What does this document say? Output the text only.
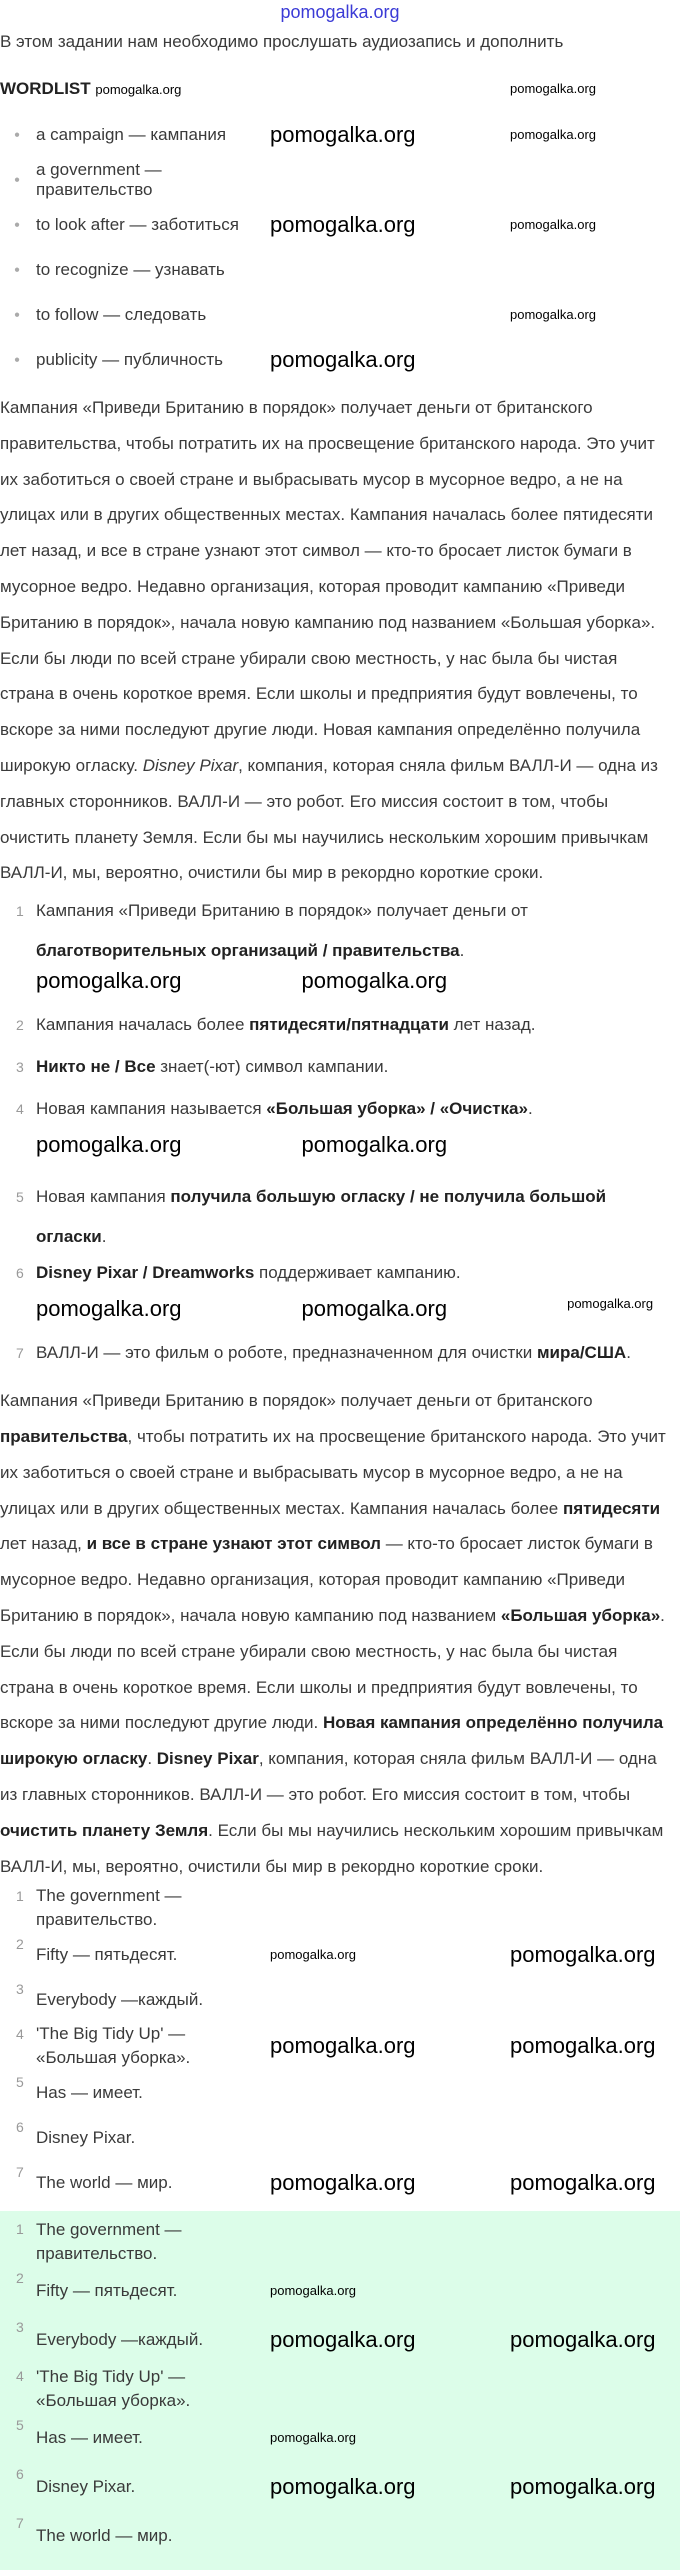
pomogalka.org
В этом задании нам необходимо прослушать аудиозапись и дополнить
WORDLIST pomogalka.org	pomogalka.org
● a campaign — кампания	pomogalka.org	pomogalka.org
●
a government — правительство
● to look after — заботиться	pomogalka.org	pomogalka.org
● to recognize — узнавать
● to follow — следовать	pomogalka.org
● publicity — публичность	pomogalka.org
Кампания «Приведи Британию в порядок» получает деньги от британского правительства, чтобы потратить их на просвещение британского народа. Это учит их заботиться о своей стране и выбрасывать мусор в мусорное ведро, а не на улицах или в других общественных местах. Кампания началась более пятидесяти лет назад, и все в стране узнают этот символ — кто-то бросает листок бумаги в мусорное ведро. Недавно организация, которая проводит кампанию «Приведи Британию в порядок», начала новую кампанию под названием «Большая уборка». Если бы люди по всей стране убирали свою местность, у нас была бы чистая страна в очень короткое время. Если школы и предприятия будут вовлечены, то вскоре за ними последуют другие люди. Новая кампания определённо получила широкую огласку. Disney Pixar, компания, которая сняла фильм ВАЛЛ-И — одна из главных сторонников. ВАЛЛ-И — это робот. Его миссия состоит в том, чтобы очистить планету Земля. Если бы мы научились нескольким хорошим привычкам ВАЛЛ-И, мы, вероятно, очистили бы мир в рекордно короткие сроки.
1 Кампания «Приведи Британию в порядок» получает деньги от благотворительных организаций / правительства.
pomogalka.org	pomogalka.org
2 Кампания началась более пятидесяти/пятнадцати лет назад.
3 Никто не / Все знает(-ют) символ кампании.
4 Новая кампания называется «Большая уборка» / «Очистка».
pomogalka.org	pomogalka.org
5 Новая кампания получила большую огласку / не получила большой огласки.
6 Disney Pixar / Dreamworks поддерживает кампанию.
pomogalka.org	pomogalka.org	pomogalka.org
7 ВАЛЛ-И — это фильм о роботе, предназначенном для очистки мира/США.
Кампания «Приведи Британию в порядок» получает деньги от британского правительства, чтобы потратить их на просвещение британского народа. Это учит их заботиться о своей стране и выбрасывать мусор в мусорное ведро, а не на улицах или в других общественных местах. Кампания началась более пятидесяти лет назад, и все в стране узнают этот символ — кто-то бросает листок бумаги в мусорное ведро. Недавно организация, которая проводит кампанию «Приведи Британию в порядок», начала новую кампанию под названием «Большая уборка». Если бы люди по всей стране убирали свою местность, у нас была бы чистая страна в очень короткое время. Если школы и предприятия будут вовлечены, то вскоре за ними последуют другие люди. Новая кампания определённо получила широкую огласку. Disney Pixar, компания, которая сняла фильм ВАЛЛ-И — одна из главных сторонников. ВАЛЛ-И — это робот. Его миссия состоит в том, чтобы очистить планету Земля. Если бы мы научились нескольким хорошим привычкам ВАЛЛ-И, мы, вероятно, очистили бы мир в рекордно короткие сроки.
1 The government — правительство.
2
Fifty — пятьдесят.	pomogalka.org	pomogalka.org
3
Everybody —каждый.
4 'The Big Tidy Up' — «Большая уборка».	pomogalka.org	pomogalka.org
5
Has — имеет.
6
Disney Pixar.
7
The world — мир.	pomogalka.org	pomogalka.org
1 The government — правительство.
2
Fifty — пятьдесят.	pomogalka.org
3
Everybody —каждый.	pomogalka.org	pomogalka.org
4 'The Big Tidy Up' — «Большая уборка».
5
Has — имеет.	pomogalka.org
6
Disney Pixar.	pomogalka.org	pomogalka.org
7
The world — мир.
